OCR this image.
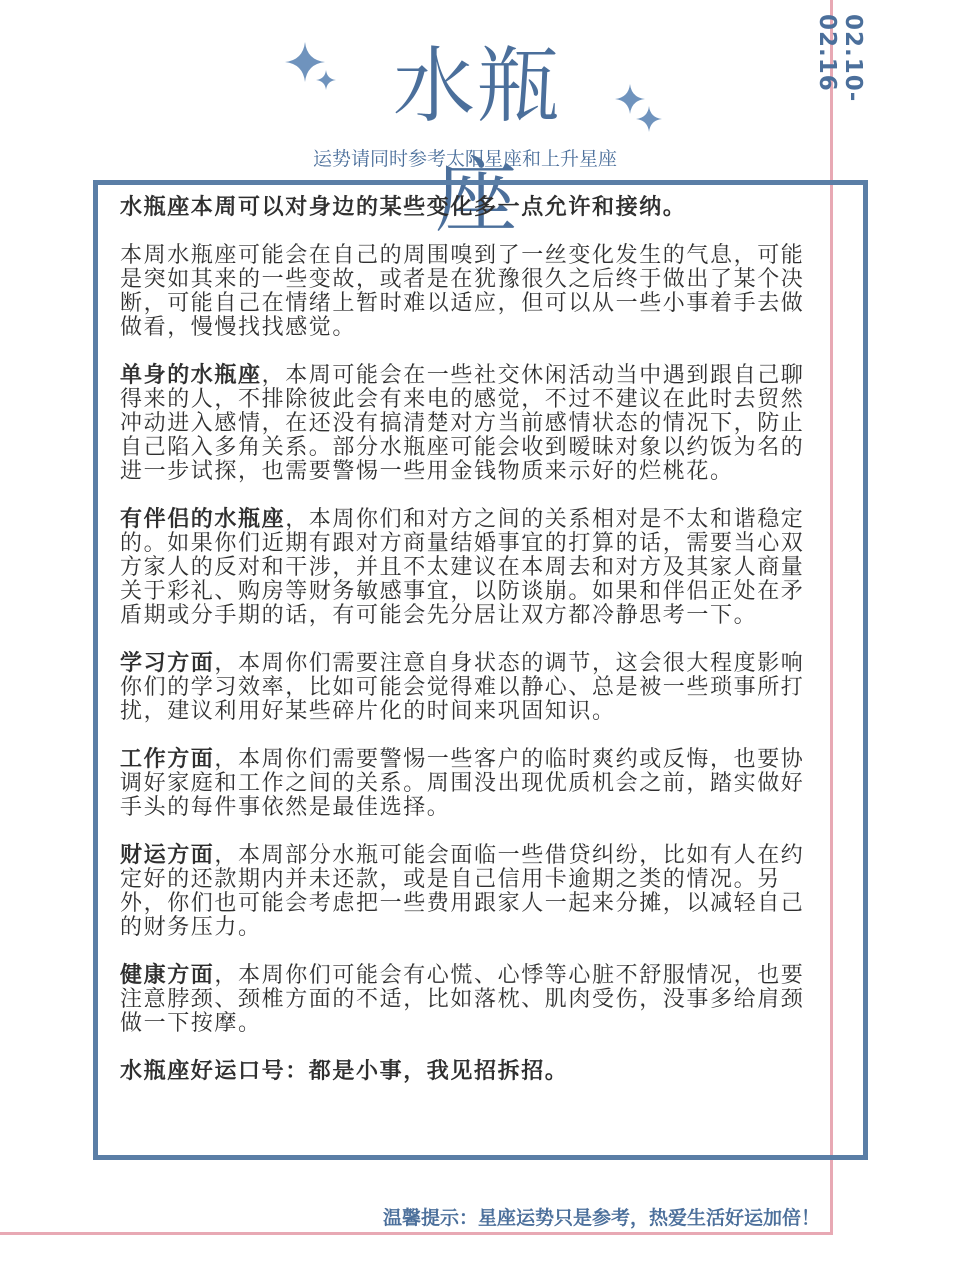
02.10-02.16
水瓶座
运势请同时参考太阳星座和上升星座

水瓶座本周可以对身边的某些变化多一点允许和接纳。

本周水瓶座可能会在自己的周围嗅到了一丝变化发生的气息，可能是突如其来的一些变故，或者是在犹豫很久之后终于做出了某个决断，可能自己在情绪上暂时难以适应，但可以从一些小事着手去做做看，慢慢找找感觉。

单身的水瓶座，本周可能会在一些社交休闲活动当中遇到跟自己聊得来的人，不排除彼此会有来电的感觉，不过不建议在此时去贸然冲动进入感情，在还没有搞清楚对方当前感情状态的情况下，防止自己陷入多角关系。部分水瓶座可能会收到暧昧对象以约饭为名的进一步试探，也需要警惕一些用金钱物质来示好的烂桃花。

有伴侣的水瓶座，本周你们和对方之间的关系相对是不太和谐稳定的。如果你们近期有跟对方商量结婚事宜的打算的话，需要当心双方家人的反对和干涉，并且不太建议在本周去和对方及其家人商量关于彩礼、购房等财务敏感事宜，以防谈崩。如果和伴侣正处在矛盾期或分手期的话，有可能会先分居让双方都冷静思考一下。

学习方面，本周你们需要注意自身状态的调节，这会很大程度影响你们的学习效率，比如可能会觉得难以静心、总是被一些琐事所打扰，建议利用好某些碎片化的时间来巩固知识。

工作方面，本周你们需要警惕一些客户的临时爽约或反悔，也要协调好家庭和工作之间的关系。周围没出现优质机会之前，踏实做好手头的每件事依然是最佳选择。

财运方面，本周部分水瓶可能会面临一些借贷纠纷，比如有人在约定好的还款期内并未还款，或是自己信用卡逾期之类的情况。另外，你们也可能会考虑把一些费用跟家人一起来分摊，以减轻自己的财务压力。

健康方面，本周你们可能会有心慌、心悸等心脏不舒服情况，也要注意脖颈、颈椎方面的不适，比如落枕、肌肉受伤，没事多给肩颈做一下按摩。

水瓶座好运口号：都是小事，我见招拆招。

温馨提示：星座运势只是参考，热爱生活好运加倍！
